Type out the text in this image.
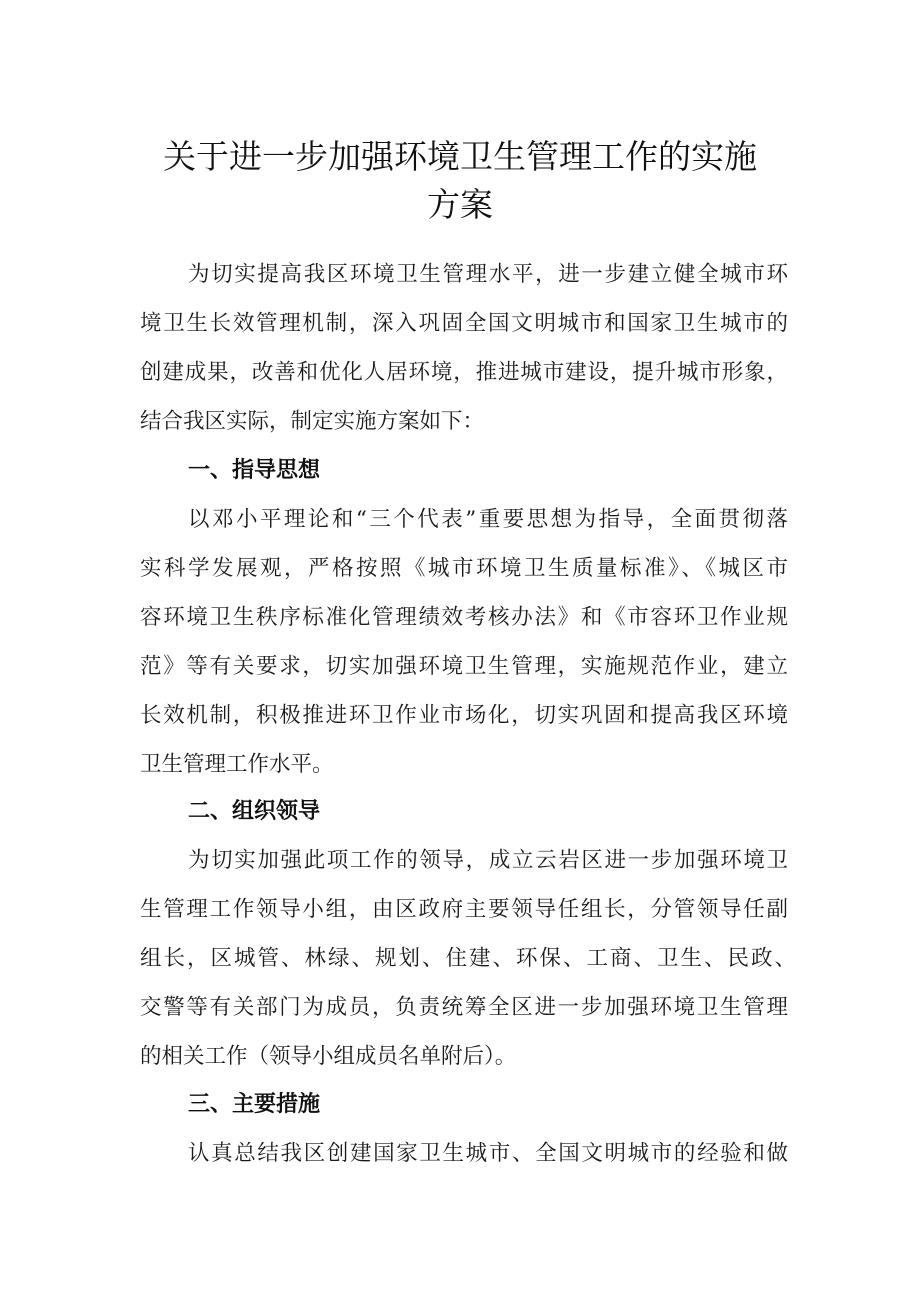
关于进一步加强环境卫生管理工作的实施
方案
为切实提高我区环境卫生管理水平，进一步建立健全城市环
境卫生长效管理机制，深入巩固全国文明城市和国家卫生城市的
创建成果，改善和优化人居环境，推进城市建设，提升城市形象，
结合我区实际，制定实施方案如下：
一、指导思想
以邓小平理论和“三个代表”重要思想为指导，全面贯彻落
实科学发展观，严格按照《城市环境卫生质量标准》、《城区市
容环境卫生秩序标准化管理绩效考核办法》和《市容环卫作业规
范》等有关要求，切实加强环境卫生管理，实施规范作业，建立
长效机制，积极推进环卫作业市场化，切实巩固和提高我区环境
卫生管理工作水平。
二、组织领导
为切实加强此项工作的领导，成立云岩区进一步加强环境卫
生管理工作领导小组，由区政府主要领导任组长，分管领导任副
组长，区城管、林绿、规划、住建、环保、工商、卫生、民政、
交警等有关部门为成员，负责统筹全区进一步加强环境卫生管理
的相关工作（领导小组成员名单附后）。
三、主要措施
认真总结我区创建国家卫生城市、全国文明城市的经验和做
